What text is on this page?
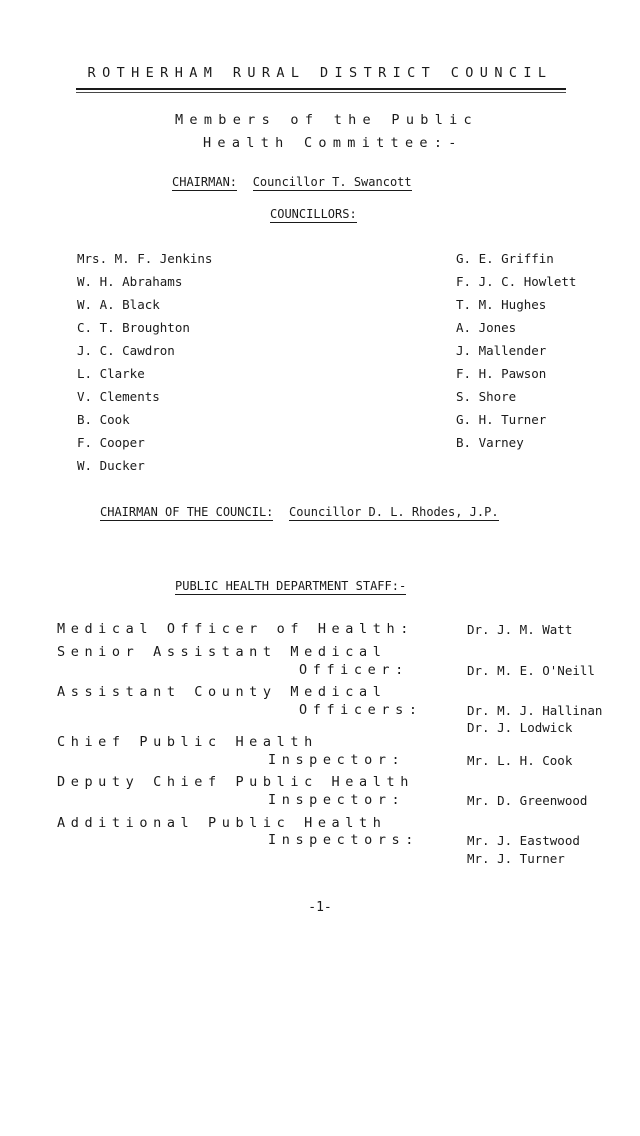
ROTHERHAM RURAL DISTRICT COUNCIL
Members of the Public
Health Committee:-
CHAIRMAN: Councillor T. Swancott
COUNCILLORS:
Mrs. M. F. Jenkins
W. H. Abrahams
W. A. Black
C. T. Broughton
J. C. Cawdron
L. Clarke
V. Clements
B. Cook
F. Cooper
W. Ducker
G. E. Griffin
F. J. C. Howlett
T. M. Hughes
A. Jones
J. Mallender
F. H. Pawson
S. Shore
G. H. Turner
B. Varney
CHAIRMAN OF THE COUNCIL: Councillor D. L. Rhodes, J.P.
PUBLIC HEALTH DEPARTMENT STAFF:-
Medical Officer of Health:	Dr. J. M. Watt
Senior Assistant Medical
Officer:	Dr. M. E. O'Neill
Assistant County Medical
Officers:	Dr. M. J. Hallinan
Dr. J. Lodwick
Chief Public Health
Inspector:	Mr. L. H. Cook
Deputy Chief Public Health
Inspector:	Mr. D. Greenwood
Additional Public Health
Inspectors:	Mr. J. Eastwood
Mr. J. Turner
-1-
